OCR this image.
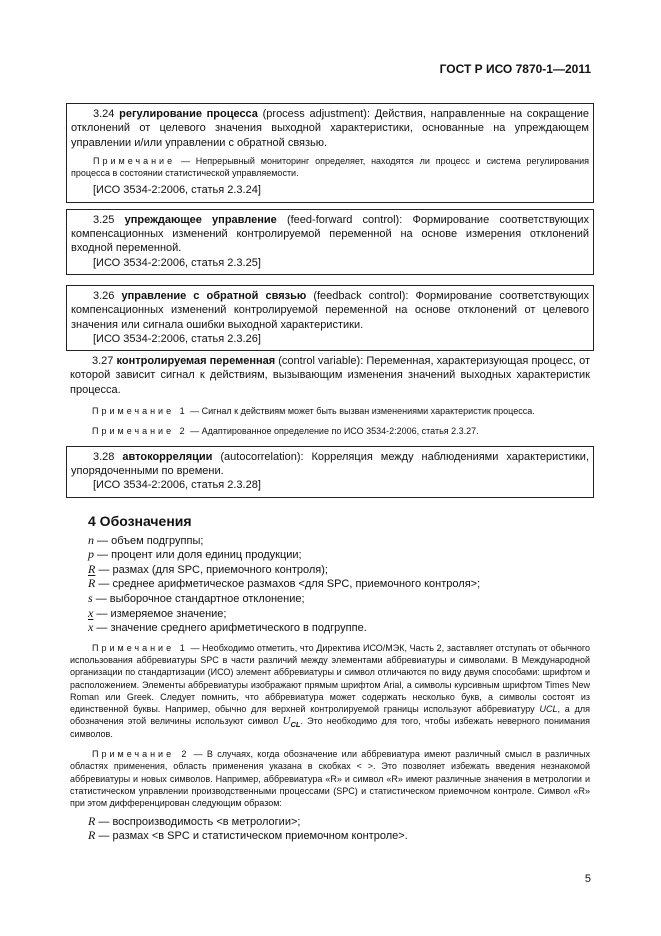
ГОСТ Р ИСО 7870-1—2011

3.24 регулирование процесса (process adjustment): Действия, направленные на сокращение отклонений от целевого значения выходной характеристики, основанные на упреждающем управлении и/или управлении с обратной связью.

Примечание — Непрерывный мониторинг определяет, находятся ли процесс и система регулирования процесса в состоянии статистической управляемости.

[ИСО 3534-2:2006, статья 2.3.24]

3.25 упреждающее управление (feed-forward control): Формирование соответствующих компенсационных изменений контролируемой переменной на основе измерения отклонений входной переменной.

[ИСО 3534-2:2006, статья 2.3.25]

3.26 управление с обратной связью (feedback control): Формирование соответствующих компенсационных изменений контролируемой переменной на основе отклонений от целевого значения или сигнала ошибки выходной характеристики.

[ИСО 3534-2:2006, статья 2.3.26]

3.27 контролируемая переменная (control variable): Переменная, характеризующая процесс, от которой зависит сигнал к действиям, вызывающим изменения значений выходных характеристик процесса.

Примечание 1 — Сигнал к действиям может быть вызван изменениями характеристик процесса.

Примечание 2 — Адаптированное определение по ИСО 3534-2:2006, статья 2.3.27.

3.28 автокорреляции (autocorrelation): Корреляция между наблюдениями характеристики, упорядоченными по времени.

[ИСО 3534-2:2006, статья 2.3.28]

4 Обозначения
n — объем подгруппы;
p — процент или доля единиц продукции;
R — размах (для SPC, приемочного контроля);
$\overline{R}$ — среднее арифметическое размахов <для SPC, приемочного контроля>;
s — выборочное стандартное отклонение;
x — измеряемое значение;
$\overline{x}$ — значение среднего арифметического в подгруппе.

Примечание 1 — Необходимо отметить, что Директива ИСО/МЭК, Часть 2, заставляет отступать от обычного использования аббревиатуры SPC в части различий между элементами аббревиатуры и символами. В Международной организации по стандартизации (ИСО) элемент аббревиатуры и символ отличаются по виду двумя способами: шрифтом и расположением. Элементы аббревиатуры изображают прямым шрифтом Arial, а символы курсивным шрифтом Times New Roman или Greek. Следует помнить, что аббревиатура может содержать несколько букв, а символы состоят из единственной буквы. Например, обычно для верхней контролируемой границы используют аббревиатуру UCL, а для обозначения этой величины используют символ $U_{CL}$. Это необходимо для того, чтобы избежать неверного понимания символов.

Примечание 2 — В случаях, когда обозначение или аббревиатура имеют различный смысл в различных областях применения, область применения указана в скобках < >. Это позволяет избежать введения незнакомой аббревиатуры и новых символов. Например, аббревиатура «R» и символ «R» имеют различные значения в метрологии и статистическом управлении производственными процессами (SPC) и статистическом приемочном контроле. Символ «R» при этом дифференцирован следующим образом:

R — воспроизводимость <в метрологии>;
R — размах <в SPC и статистическом приемочном контроле>.
5
